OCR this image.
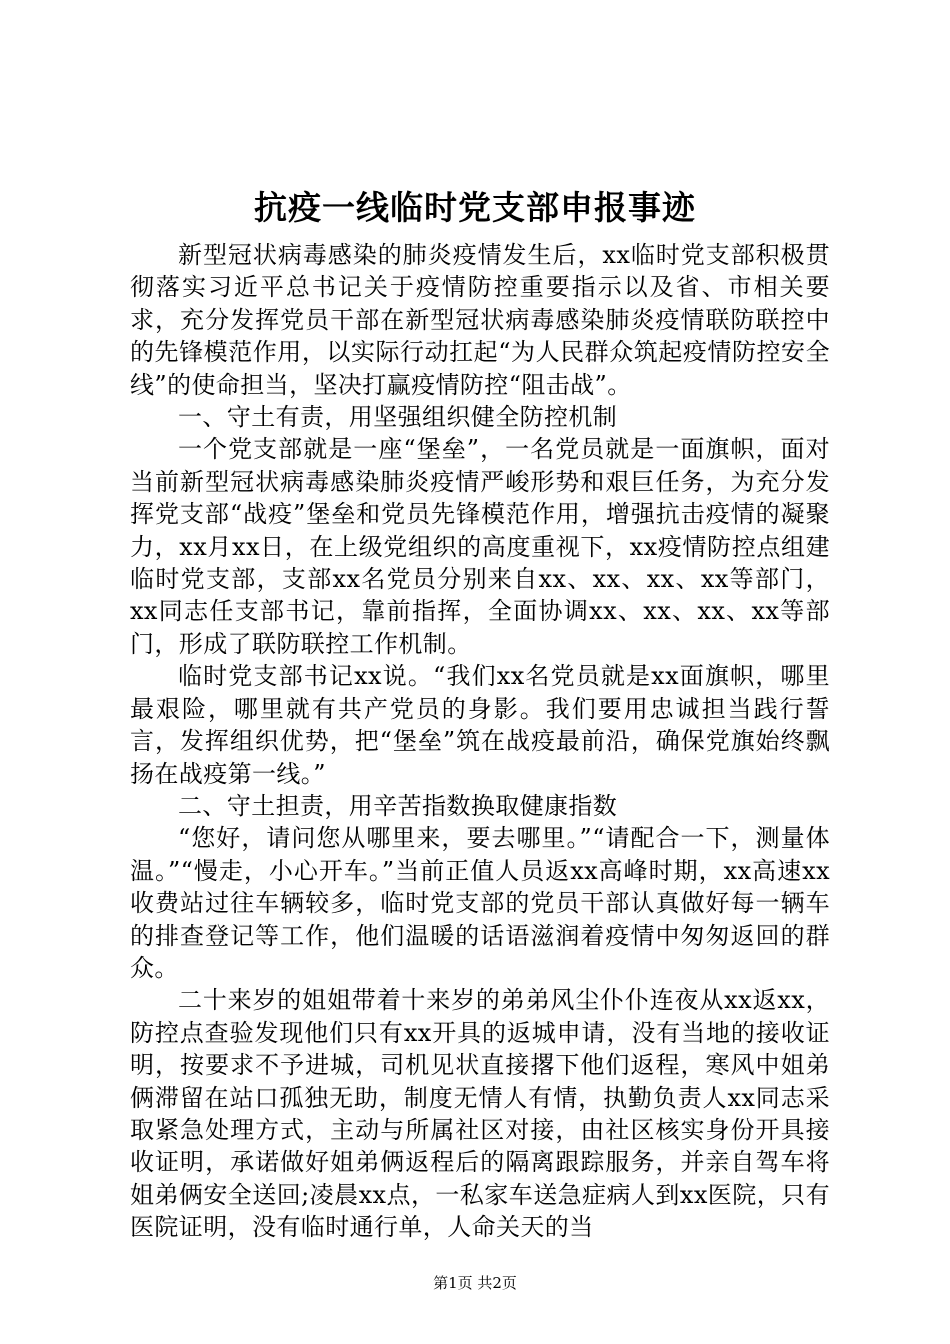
抗疫一线临时党支部申报事迹

新型冠状病毒感染的肺炎疫情发生后，xx临时党支部积极贯彻落实习近平总书记关于疫情防控重要指示以及省、市相关要求，充分发挥党员干部在新型冠状病毒感染肺炎疫情联防联控中的先锋模范作用，以实际行动扛起“为人民群众筑起疫情防控安全线”的使命担当，坚决打赢疫情防控“阻击战”。

一、守土有责，用坚强组织健全防控机制

一个党支部就是一座“堡垒”，一名党员就是一面旗帜，面对当前新型冠状病毒感染肺炎疫情严峻形势和艰巨任务，为充分发挥党支部“战疫”堡垒和党员先锋模范作用，增强抗击疫情的凝聚力，xx月xx日，在上级党组织的高度重视下，xx疫情防控点组建临时党支部，支部xx名党员分别来自xx、xx、xx、xx等部门，xx同志任支部书记，靠前指挥，全面协调xx、xx、xx、xx等部门，形成了联防联控工作机制。

临时党支部书记xx说。“我们xx名党员就是xx面旗帜，哪里最艰险，哪里就有共产党员的身影。我们要用忠诚担当践行誓言，发挥组织优势，把“堡垒”筑在战疫最前沿，确保党旗始终飘扬在战疫第一线。”

二、守土担责，用辛苦指数换取健康指数

“您好，请问您从哪里来，要去哪里。”“请配合一下，测量体温。”“慢走，小心开车。”当前正值人员返xx高峰时期，xx高速xx收费站过往车辆较多，临时党支部的党员干部认真做好每一辆车的排查登记等工作，他们温暖的话语滋润着疫情中匆匆返回的群众。

二十来岁的姐姐带着十来岁的弟弟风尘仆仆连夜从xx返xx，防控点查验发现他们只有xx开具的返城申请，没有当地的接收证明，按要求不予进城，司机见状直接撂下他们返程，寒风中姐弟俩滞留在站口孤独无助，制度无情人有情，执勤负责人xx同志采取紧急处理方式，主动与所属社区对接，由社区核实身份开具接收证明，承诺做好姐弟俩返程后的隔离跟踪服务，并亲自驾车将姐弟俩安全送回;凌晨xx点，一私家车送急症病人到xx医院，只有医院证明，没有临时通行单，人命关天的当

第1页 共2页
